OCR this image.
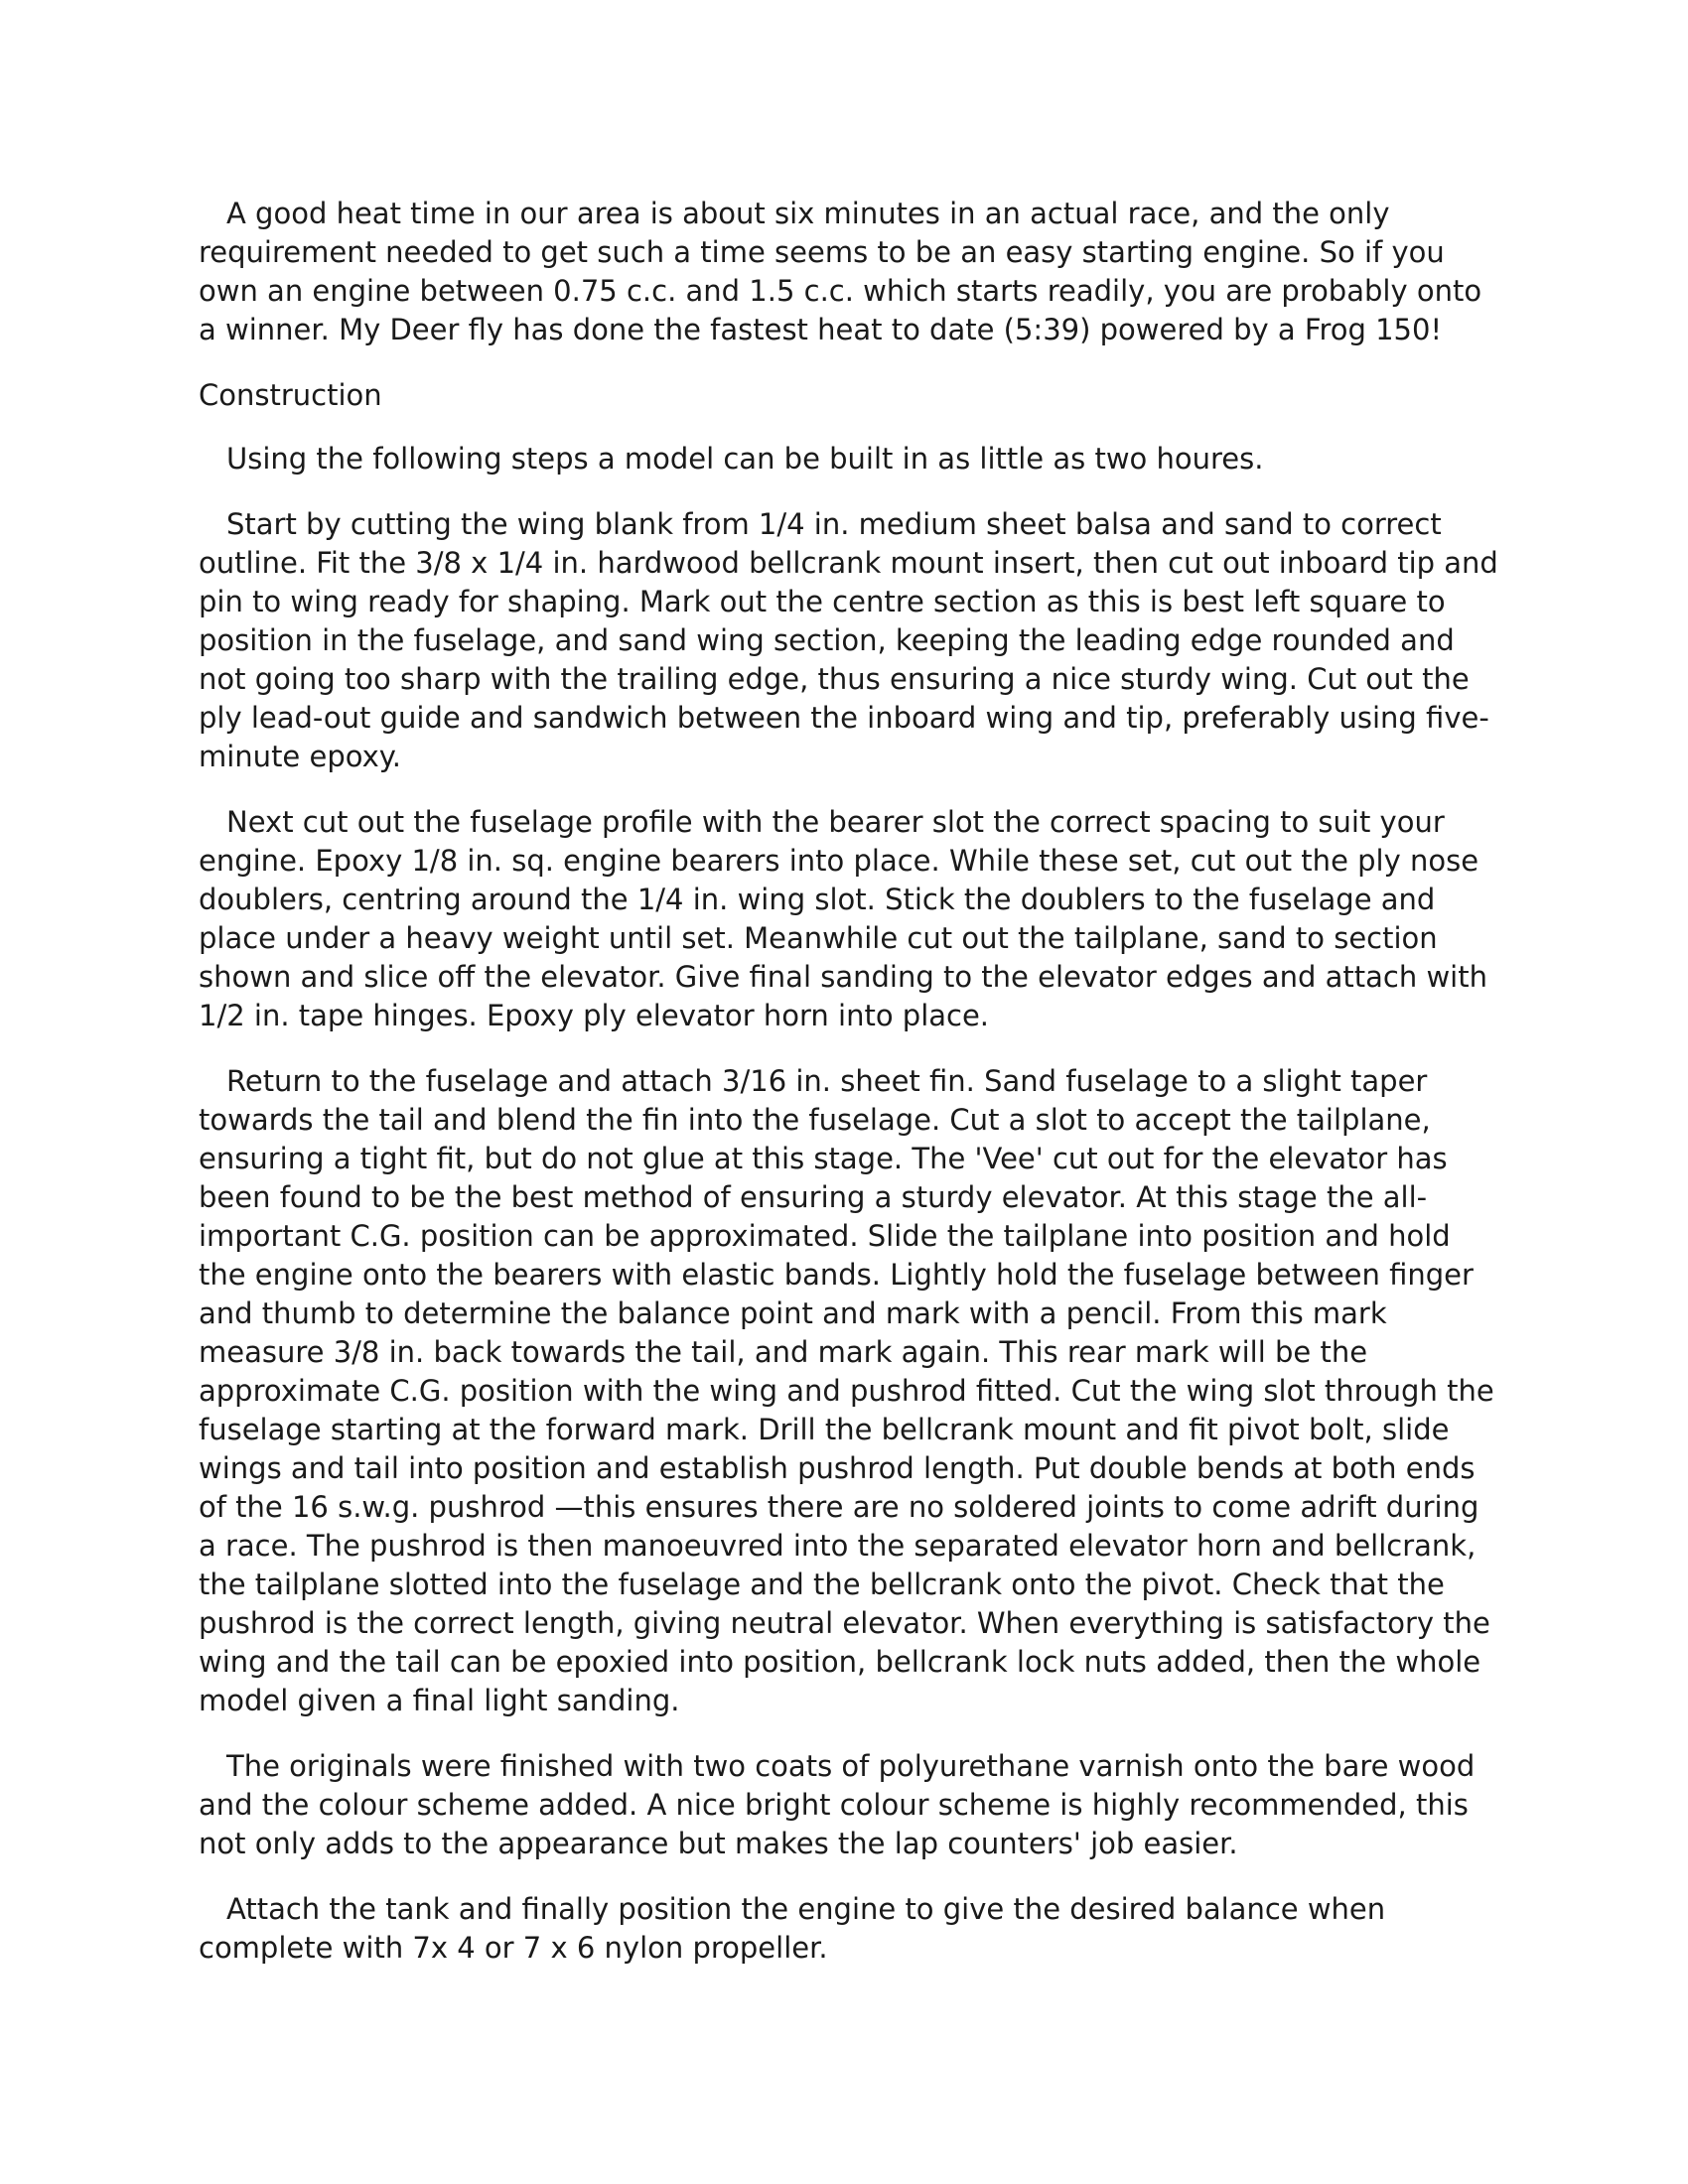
A good heat time in our area is about six minutes in an actual race, and the only requirement needed to get such a time seems to be an easy starting engine. So if you own an engine between 0.75 c.c. and 1.5 c.c. which starts readily, you are probably onto a winner. My Deer fly has done the fastest heat to date (5:39) powered by a Frog 150!

Construction

Using the following steps a model can be built in as little as two houres.

Start by cutting the wing blank from 1/4 in. medium sheet balsa and sand to correct outline. Fit the 3/8 x 1/4 in. hardwood bellcrank mount insert, then cut out inboard tip and pin to wing ready for shaping. Mark out the centre section as this is best left square to position in the fuselage, and sand wing section, keeping the leading edge rounded and not going too sharp with the trailing edge, thus ensuring a nice sturdy wing. Cut out the ply lead-out guide and sandwich between the inboard wing and tip, preferably using five-minute epoxy.

Next cut out the fuselage profile with the bearer slot the correct spacing to suit your engine. Epoxy 1/8 in. sq. engine bearers into place. While these set, cut out the ply nose doublers, centring around the 1/4 in. wing slot. Stick the doublers to the fuselage and place under a heavy weight until set. Meanwhile cut out the tailplane, sand to section shown and slice off the elevator. Give final sanding to the elevator edges and attach with 1/2 in. tape hinges. Epoxy ply elevator horn into place.

Return to the fuselage and attach 3/16 in. sheet fin. Sand fuselage to a slight taper towards the tail and blend the fin into the fuselage. Cut a slot to accept the tailplane, ensuring a tight fit, but do not glue at this stage. The 'Vee' cut out for the elevator has been found to be the best method of ensuring a sturdy elevator. At this stage the all-important C.G. position can be approximated. Slide the tailplane into position and hold the engine onto the bearers with elastic bands. Lightly hold the fuselage between finger and thumb to determine the balance point and mark with a pencil. From this mark measure 3/8 in. back towards the tail, and mark again. This rear mark will be the approximate C.G. position with the wing and pushrod fitted. Cut the wing slot through the fuselage starting at the forward mark. Drill the bellcrank mount and fit pivot bolt, slide wings and tail into position and establish pushrod length. Put double bends at both ends of the 16 s.w.g. pushrod —this ensures there are no soldered joints to come adrift during a race. The pushrod is then manoeuvred into the separated elevator horn and bellcrank, the tailplane slotted into the fuselage and the bellcrank onto the pivot. Check that the pushrod is the correct length, giving neutral elevator. When everything is satisfactory the wing and the tail can be epoxied into position, bellcrank lock nuts added, then the whole model given a final light sanding.

The originals were finished with two coats of polyurethane varnish onto the bare wood and the colour scheme added. A nice bright colour scheme is highly recommended, this not only adds to the appearance but makes the lap counters' job easier.

Attach the tank and finally position the engine to give the desired balance when complete with 7x 4 or 7 x 6 nylon propeller.
